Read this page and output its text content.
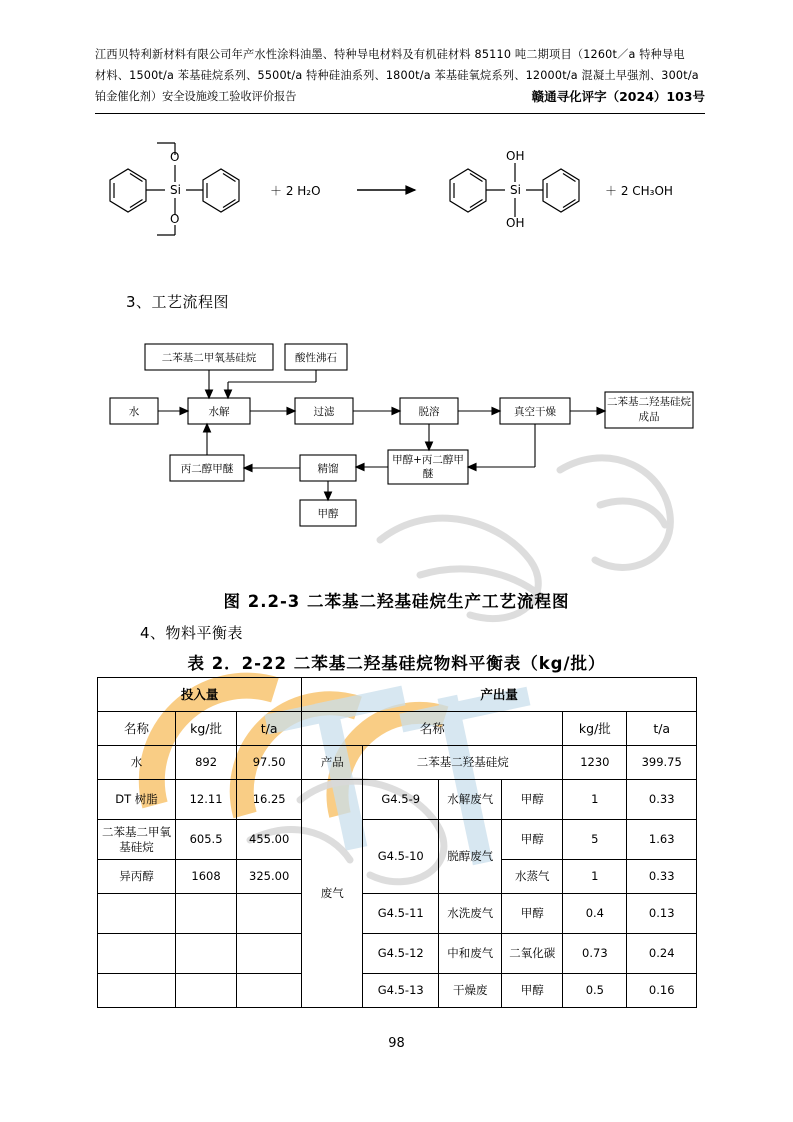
江西贝特利新材料有限公司年产水性涂料油墨、特种导电材料及有机硅材料 85110 吨二期项目（1260t／a 特种导电
材料、1500t/a 苯基硅烷系列、5500t/a 特种硅油系列、1800t/a 苯基硅氧烷系列、12000t/a 混凝土早强剂、300t/a
铂金催化剂）安全设施竣工验收评价报告	赣通寻化评字（2024）103号
Si
O
O
Si
OH
OH
＋ 2 H₂O	＋ 2 CH₃OH
3、工艺流程图
4、物料平衡表
水	水解
二苯基二甲氧基硅烷	酸性沸石
过滤	脱溶	真空干燥
二苯基二羟基硅烷
成品
丙二醇甲醚	精馏
甲醇+丙二醇甲
醚
甲醇
图 2.2-3 二苯基二羟基硅烷生产工艺流程图
表 2．2-22 二苯基二羟基硅烷物料平衡表（kg/批）
投入量			产出量					
名称	kg/批	t/a	名称				kg/批	t/a
水	892	97.50	产品	二苯基二羟基硅烷			1230	399.75
DT 树脂	12.11	16.25	废气	G4.5-9	水解废气	甲醇	1	0.33
二苯基二甲氧基硅烷	605.5	455.00		G4.5-10	脱醇废气	甲醇	5	1.63
异丙醇	1608	325.00				水蒸气	1	0.33
				G4.5-11	水洗废气	甲醇	0.4	0.13
				G4.5-12	中和废气	二氧化碳	0.73	0.24
				G4.5-13	干燥废	甲醇	0.5	0.16
98
